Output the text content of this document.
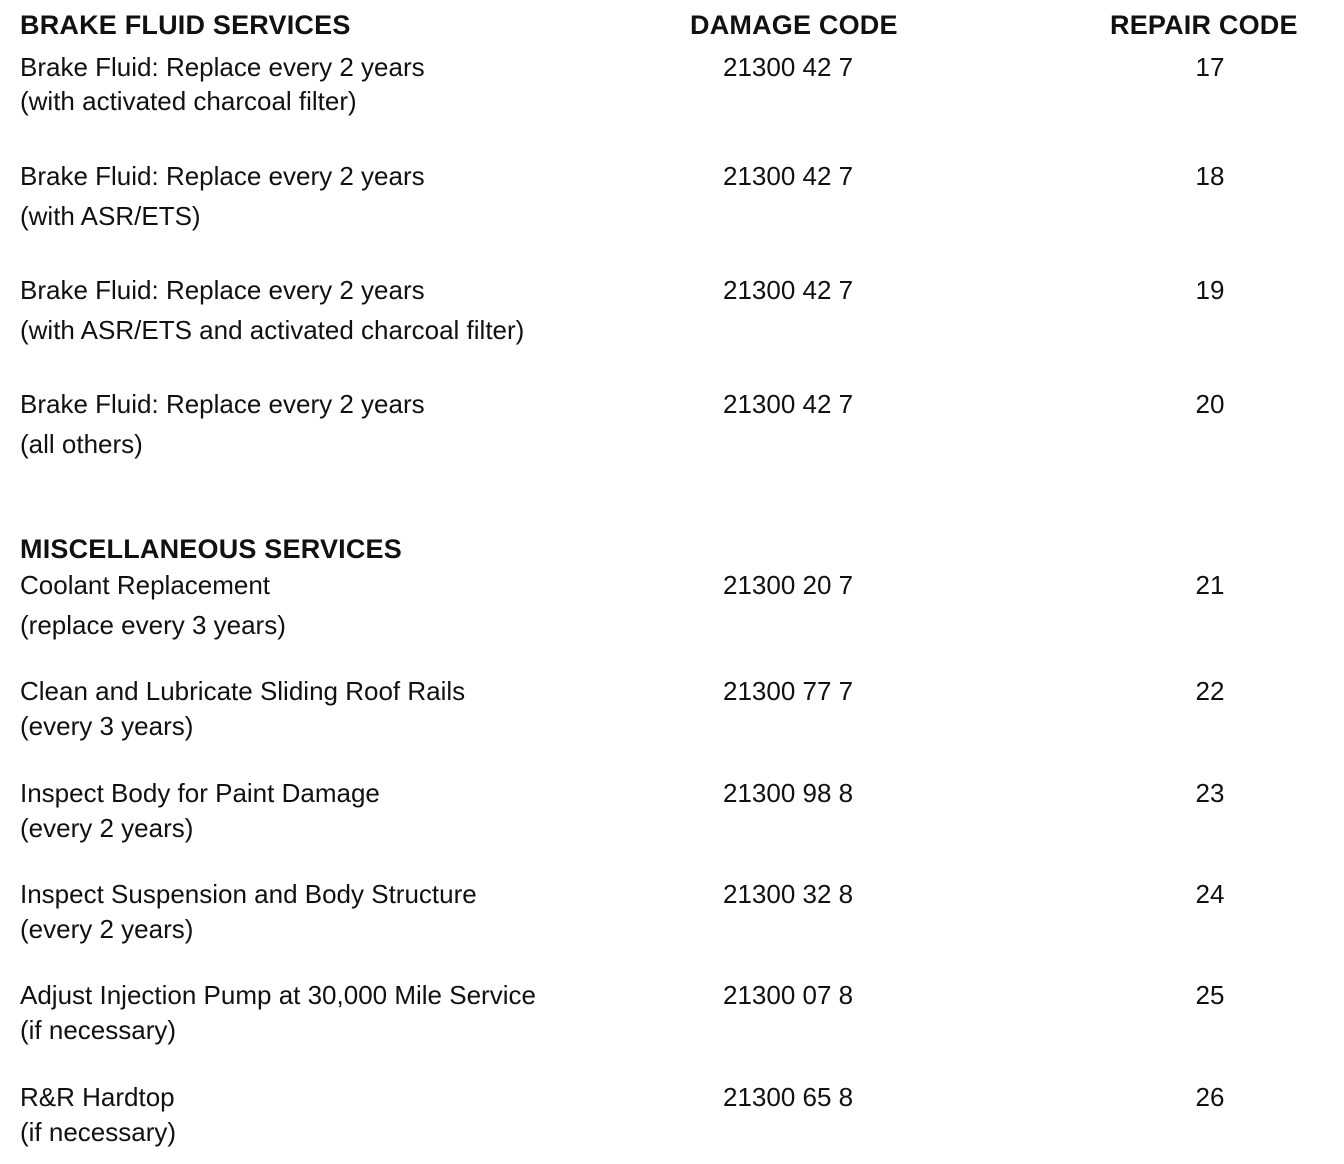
BRAKE FLUID SERVICES	DAMAGE CODE	REPAIR CODE
Brake Fluid: Replace every 2 years
(with activated charcoal filter)
21300 42 7	17
Brake Fluid: Replace every 2 years
(with ASR/ETS)
21300 42 7	18
Brake Fluid: Replace every 2 years
(with ASR/ETS and activated charcoal filter)
21300 42 7	19
Brake Fluid: Replace every 2 years
(all others)
21300 42 7	20
MISCELLANEOUS SERVICES
Coolant Replacement
(replace every 3 years)
21300 20 7	21
Clean and Lubricate Sliding Roof Rails
(every 3 years)
21300 77 7	22
Inspect Body for Paint Damage
(every 2 years)
21300 98 8	23
Inspect Suspension and Body Structure
(every 2 years)
21300 32 8	24
Adjust Injection Pump at 30,000 Mile Service
(if necessary)
21300 07 8	25
R&R Hardtop
(if necessary)
21300 65 8	26
